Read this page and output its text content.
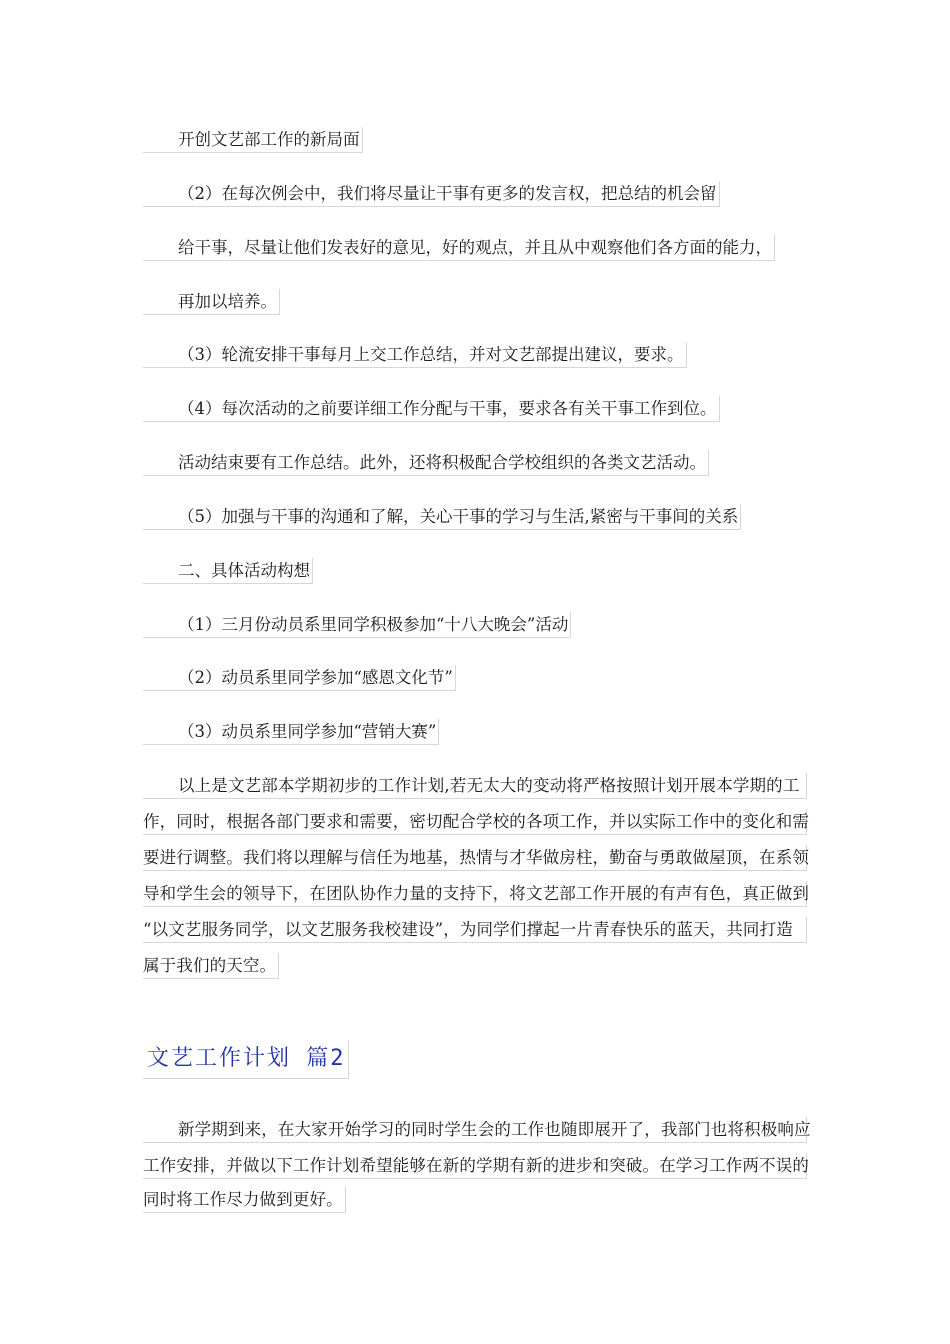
开创文艺部工作的新局面
（2）在每次例会中，我们将尽量让干事有更多的发言权，把总结的机会留
给干事，尽量让他们发表好的意见，好的观点，并且从中观察他们各方面的能力，
再加以培养。
（3）轮流安排干事每月上交工作总结，并对文艺部提出建议，要求。
（4）每次活动的之前要详细工作分配与干事，要求各有关干事工作到位。
活动结束要有工作总结。此外，还将积极配合学校组织的各类文艺活动。
（5）加强与干事的沟通和了解，关心干事的学习与生活,紧密与干事间的关系
二、具体活动构想
（1）三月份动员系里同学积极参加“十八大晚会”活动
（2）动员系里同学参加“感恩文化节”
（3）动员系里同学参加“营销大赛”
以上是文艺部本学期初步的工作计划,若无太大的变动将严格按照计划开展本学期的工
作，同时，根据各部门要求和需要，密切配合学校的各项工作，并以实际工作中的变化和需
要进行调整。我们将以理解与信任为地基，热情与才华做房柱，勤奋与勇敢做屋顶，在系领
导和学生会的领导下，在团队协作力量的支持下，将文艺部工作开展的有声有色，真正做到
“以文艺服务同学，以文艺服务我校建设”，为同学们撑起一片青春快乐的蓝天，共同打造
属于我们的天空。
文艺工作计划 篇2
新学期到来，在大家开始学习的同时学生会的工作也随即展开了，我部门也将积极响应
工作安排，并做以下工作计划希望能够在新的学期有新的进步和突破。在学习工作两不误的
同时将工作尽力做到更好。
